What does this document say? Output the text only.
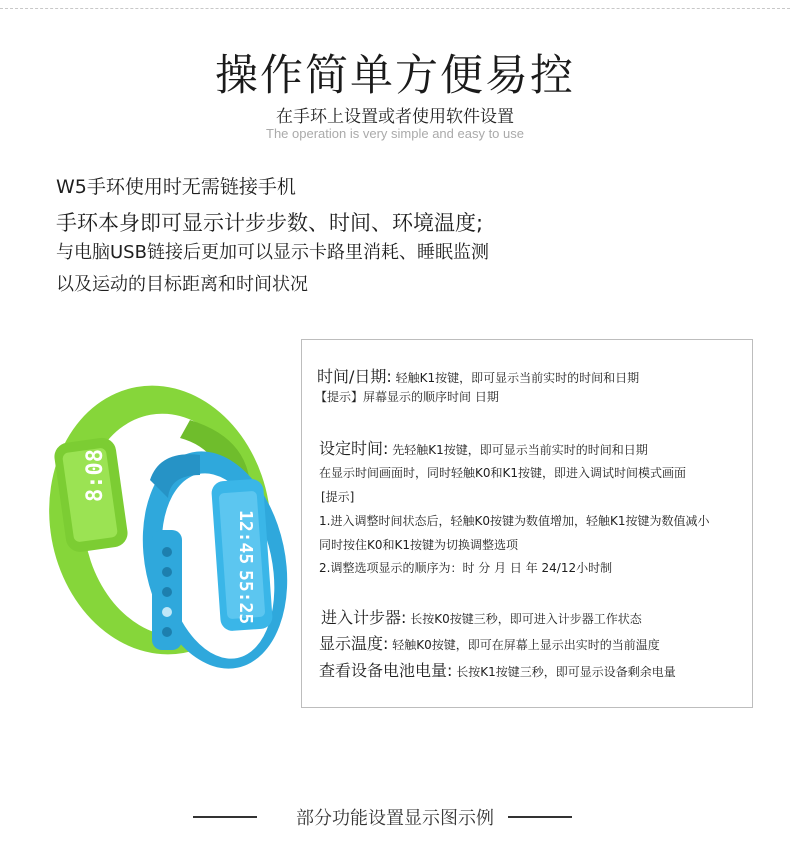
操作简单方便易控
在手环上设置或者使用软件设置
The operation is very simple and easy to use
W5手环使用时无需链接手机
手环本身即可显示计步步数、时间、环境温度;
与电脑USB链接后更加可以显示卡路里消耗、睡眠监测
以及运动的目标距离和时间状况
8:08
12:45
55:25
时间/日期: 轻触K1按键，即可显示当前实时的时间和日期
【提示】屏幕显示的顺序时间 日期
设定时间: 先轻触K1按键，即可显示当前实时的时间和日期
在显示时间画面时，同时轻触K0和K1按键，即进入调试时间模式画面
[提示]
1.进入调整时间状态后，轻触K0按键为数值增加，轻触K1按键为数值减小
同时按住K0和K1按键为切换调整选项
2.调整选项显示的顺序为：时 分 月 日 年 24/12小时制
进入计步器: 长按K0按键三秒，即可进入计步器工作状态
显示温度: 轻触K0按键，即可在屏幕上显示出实时的当前温度
查看设备电池电量: 长按K1按键三秒，即可显示设备剩余电量
部分功能设置显示图示例
